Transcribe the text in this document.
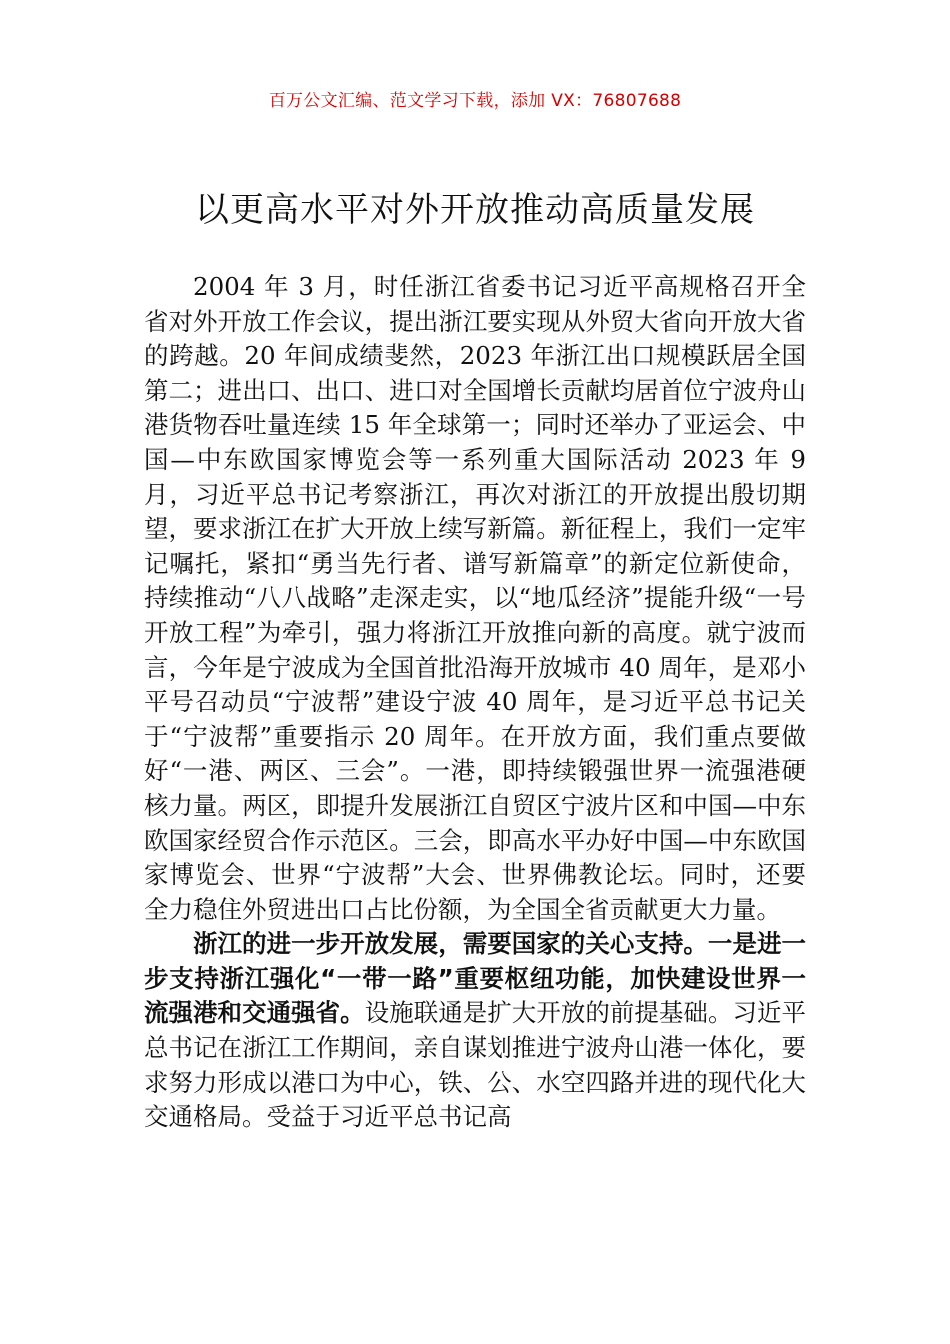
百万公文汇编、范文学习下载，添加 VX：76807688
以更高水平对外开放推动高质量发展

2004 年 3 月，时任浙江省委书记习近平高规格召开全省对外开放工作会议，提出浙江要实现从外贸大省向开放大省的跨越。20 年间成绩斐然，2023 年浙江出口规模跃居全国第二；进出口、出口、进口对全国增长贡献均居首位宁波舟山港货物吞吐量连续 15 年全球第一；同时还举办了亚运会、中国—中东欧国家博览会等一系列重大国际活动 2023 年 9 月，习近平总书记考察浙江，再次对浙江的开放提出殷切期望，要求浙江在扩大开放上续写新篇。新征程上，我们一定牢记嘱托，紧扣“勇当先行者、谱写新篇章”的新定位新使命，持续推动“八八战略”走深走实，以“地瓜经济”提能升级“一号开放工程”为牵引，强力将浙江开放推向新的高度。就宁波而言，今年是宁波成为全国首批沿海开放城市 40 周年，是邓小平号召动员“宁波帮”建设宁波 40 周年，是习近平总书记关于“宁波帮”重要指示 20 周年。在开放方面，我们重点要做好“一港、两区、三会”。一港，即持续锻强世界一流强港硬核力量。两区，即提升发展浙江自贸区宁波片区和中国—中东欧国家经贸合作示范区。三会，即高水平办好中国—中东欧国家博览会、世界“宁波帮”大会、世界佛教论坛。同时，还要全力稳住外贸进出口占比份额，为全国全省贡献更大力量。

浙江的进一步开放发展，需要国家的关心支持。一是进一步支持浙江强化“一带一路”重要枢纽功能，加快建设世界一流强港和交通强省。设施联通是扩大开放的前提基础。习近平总书记在浙江工作期间，亲自谋划推进宁波舟山港一体化，要求努力形成以港口为中心，铁、公、水空四路并进的现代化大交通格局。受益于习近平总书记高
